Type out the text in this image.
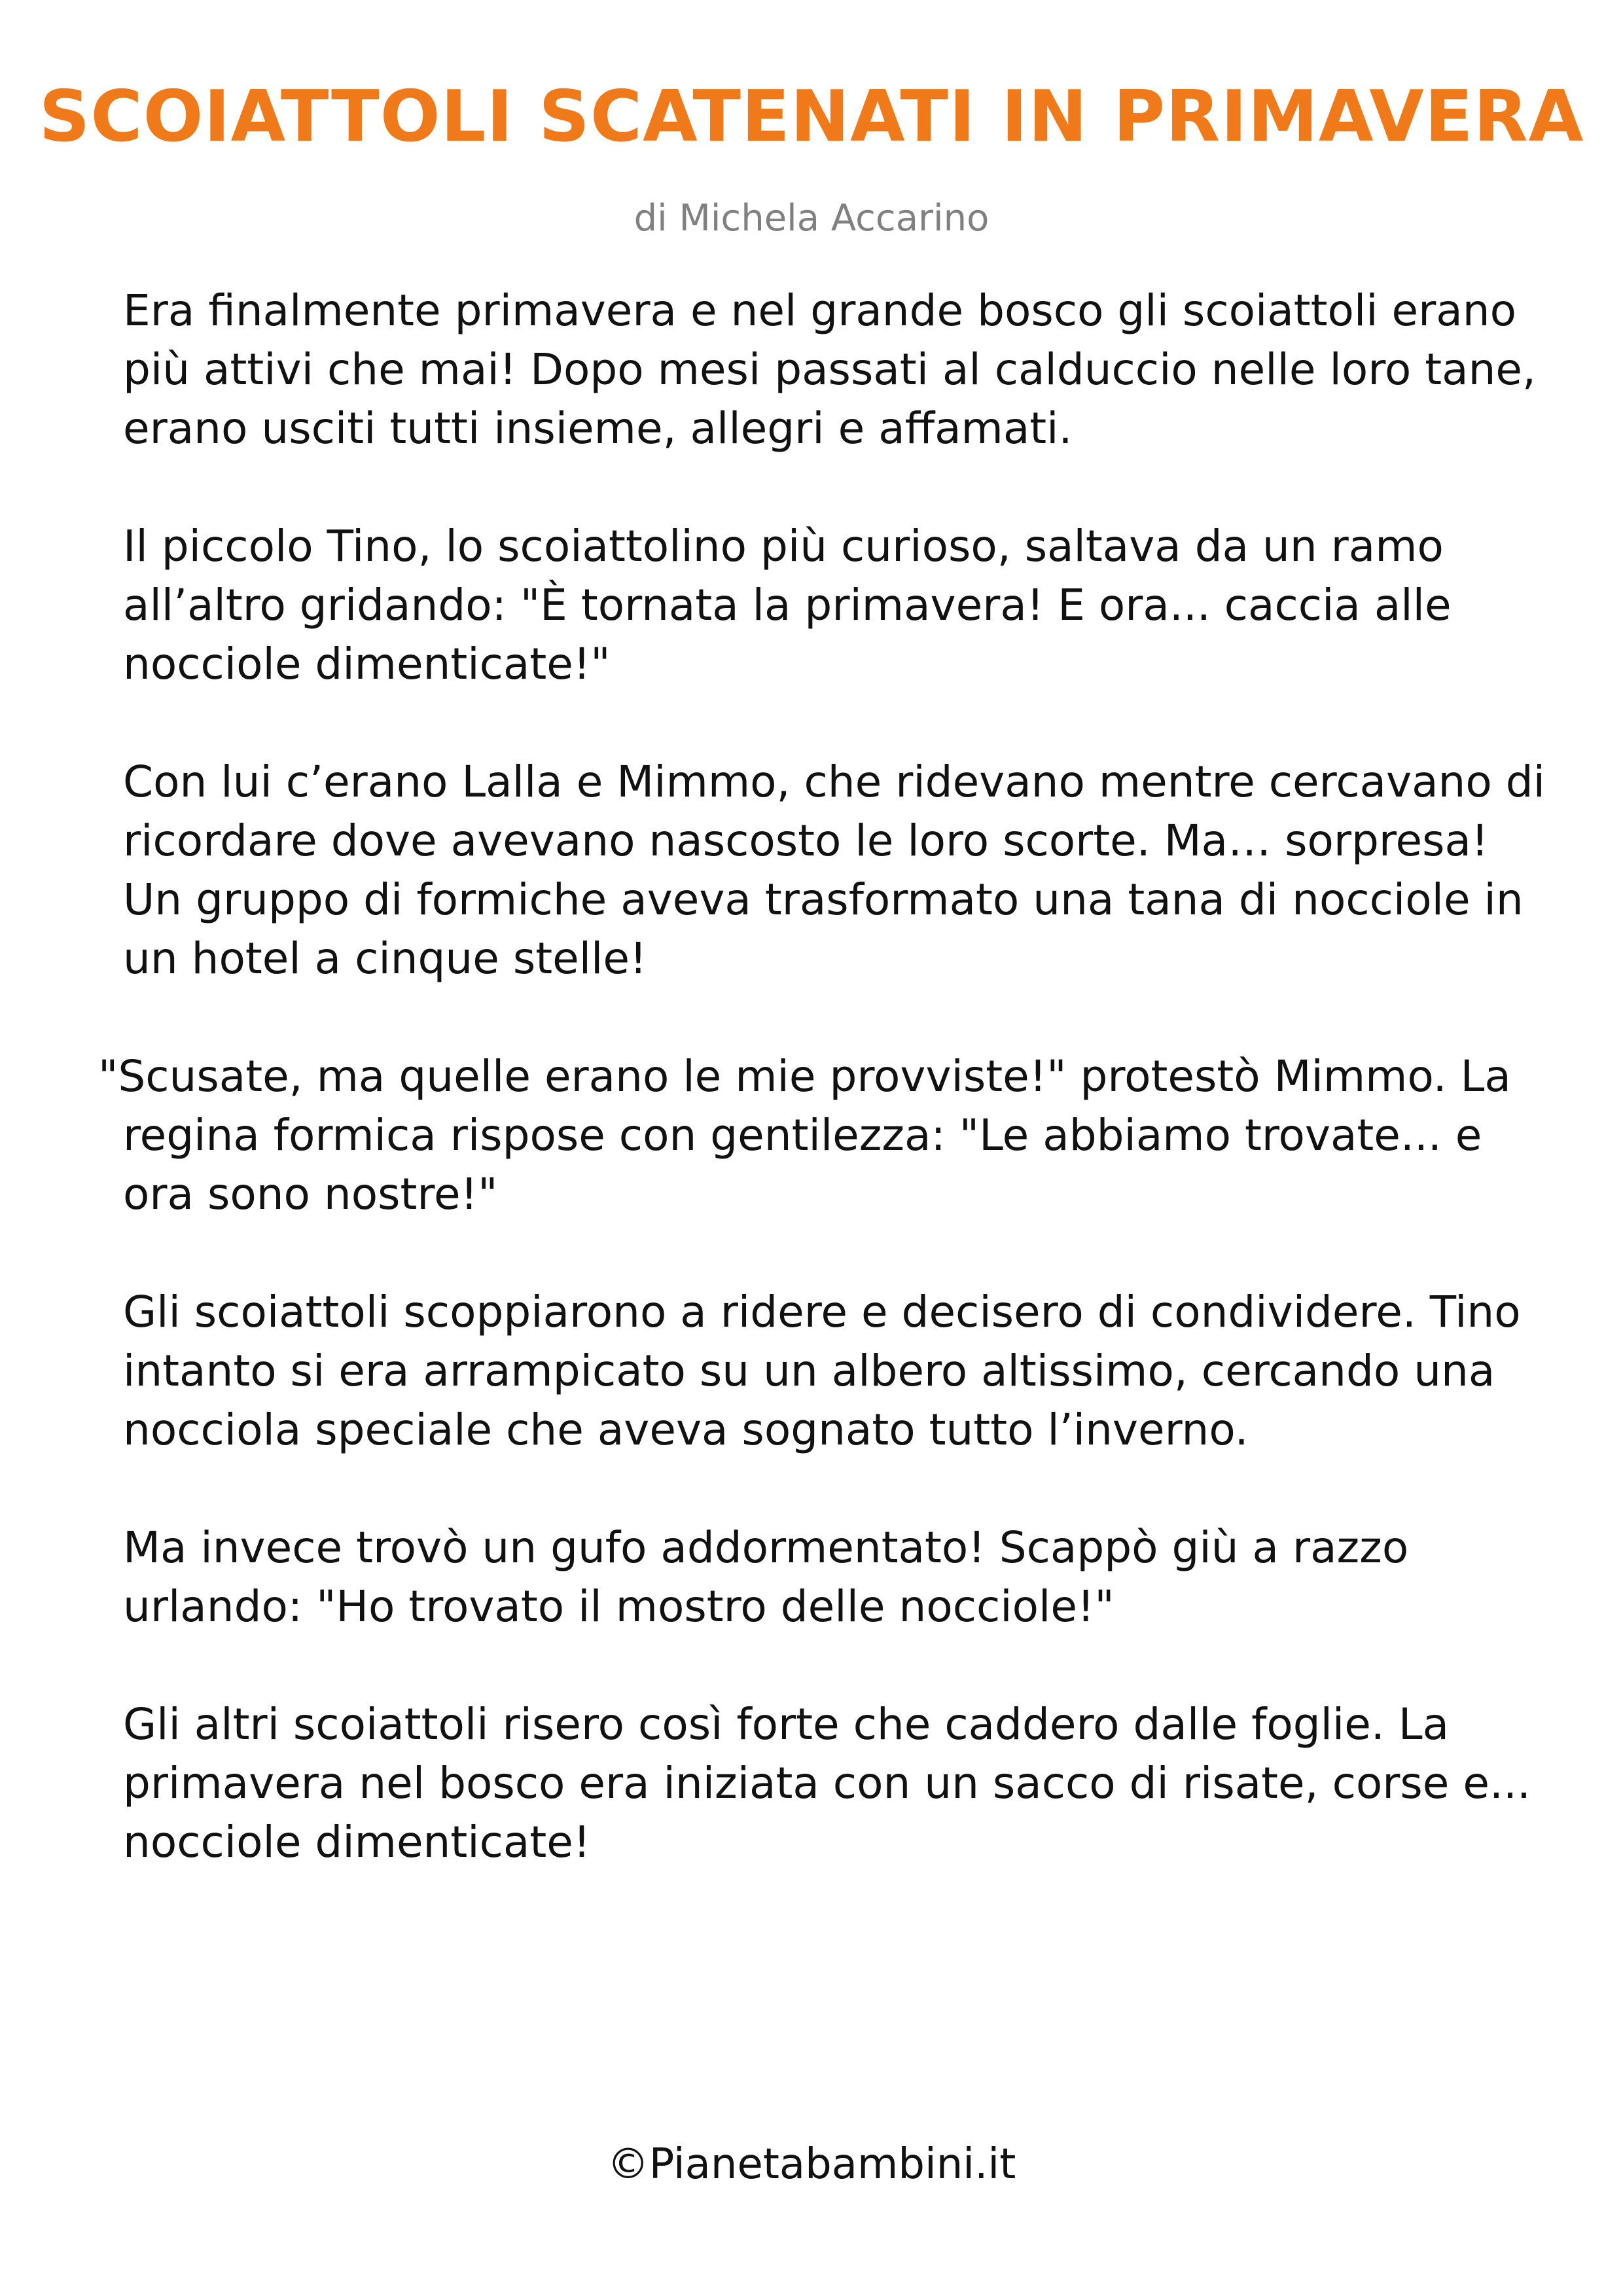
SCOIATTOLI SCATENATI IN PRIMAVERA
di Michela Accarino

Era finalmente primavera e nel grande bosco gli scoiattoli erano più attivi che mai! Dopo mesi passati al calduccio nelle loro tane, erano usciti tutti insieme, allegri e affamati.

Il piccolo Tino, lo scoiattolino più curioso, saltava da un ramo all’altro gridando: "È tornata la primavera! E ora... caccia alle nocciole dimenticate!"

Con lui c’erano Lalla e Mimmo, che ridevano mentre cercavano di ricordare dove avevano nascosto le loro scorte. Ma… sorpresa! Un gruppo di formiche aveva trasformato una tana di nocciole in un hotel a cinque stelle!

"Scusate, ma quelle erano le mie provviste!" protestò Mimmo. La regina formica rispose con gentilezza: "Le abbiamo trovate... e ora sono nostre!"

Gli scoiattoli scoppiarono a ridere e decisero di condividere. Tino intanto si era arrampicato su un albero altissimo, cercando una nocciola speciale che aveva sognato tutto l’inverno.

Ma invece trovò un gufo addormentato! Scappò giù a razzo urlando: "Ho trovato il mostro delle nocciole!"

Gli altri scoiattoli risero così forte che caddero dalle foglie. La primavera nel bosco era iniziata con un sacco di risate, corse e... nocciole dimenticate!

©Pianetabambini.it
